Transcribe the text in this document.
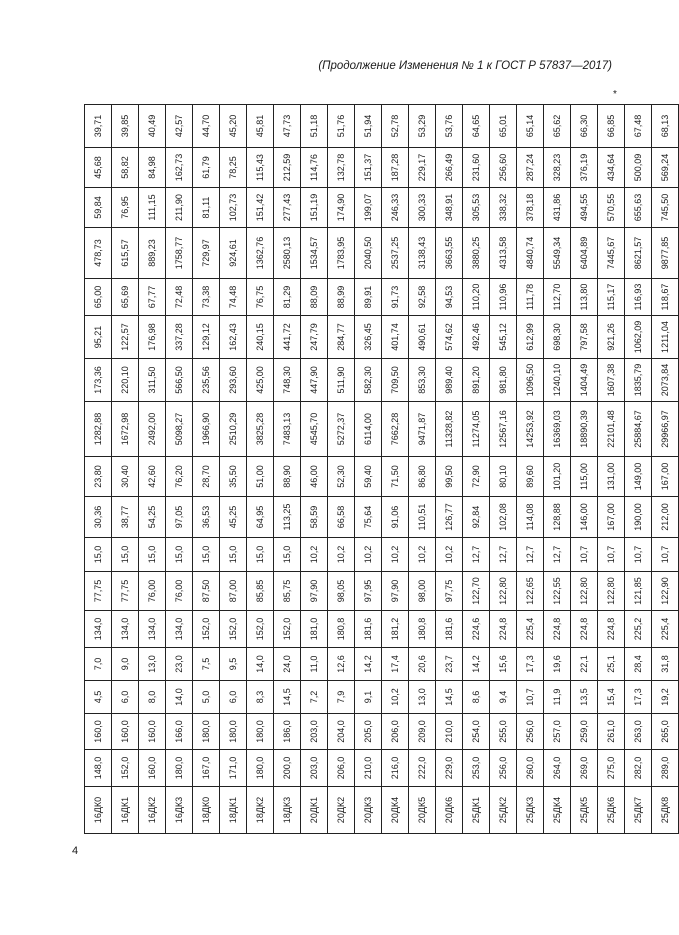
(Продолжение Изменения № 1 к ГОСТ Р 57837—2017)
*
16ДК0	148,0	160,0	4,5	7,0	134,0	77,75	15,0	30,36	23,80	1282,88	173,36	95,21	65,00	478,73	59,84	45,68	39,71
16ДК1	152,0	160,0	6,0	9,0	134,0	77,75	15,0	38,77	30,40	1672,98	220,10	122,57	65,69	615,57	76,95	58,82	39,85
16ДК2	160,0	160,0	8,0	13,0	134,0	76,00	15,0	54,25	42,60	2492,00	311,50	176,98	67,77	889,23	111,15	84,98	40,49
16ДК3	180,0	166,0	14,0	23,0	134,0	76,00	15,0	97,05	76,20	5098,27	566,50	337,28	72,48	1758,77	211,90	162,73	42,57
18ДК0	167,0	180,0	5,0	7,5	152,0	87,50	15,0	36,53	28,70	1966,90	235,56	129,12	73,38	729,97	81,11	61,79	44,70
18ДК1	171,0	180,0	6,0	9,5	152,0	87,00	15,0	45,25	35,50	2510,29	293,60	162,43	74,48	924,61	102,73	78,25	45,20
18ДК2	180,0	180,0	8,3	14,0	152,0	85,85	15,0	64,95	51,00	3825,28	425,00	240,15	76,75	1362,76	151,42	115,43	45,81
18ДК3	200,0	186,0	14,5	24,0	152,0	85,75	15,0	113,25	88,90	7483,13	748,30	441,72	81,29	2580,13	277,43	212,59	47,73
20ДК1	203,0	203,0	7,2	11,0	181,0	97,90	10,2	58,59	46,00	4545,70	447,90	247,79	88,09	1534,57	151,19	114,76	51,18
20ДК2	206,0	204,0	7,9	12,6	180,8	98,05	10,2	66,58	52,30	5272,37	511,90	284,77	88,99	1783,95	174,90	132,78	51,76
20ДК3	210,0	205,0	9,1	14,2	181,6	97,95	10,2	75,64	59,40	6114,00	582,30	326,45	89,91	2040,50	199,07	151,37	51,94
20ДК4	216,0	206,0	10,2	17,4	181,2	97,90	10,2	91,06	71,50	7662,28	709,50	401,74	91,73	2537,25	246,33	187,28	52,78
20ДК5	222,0	209,0	13,0	20,6	180,8	98,00	10,2	110,51	86,80	9471,87	853,30	490,61	92,58	3138,43	300,33	229,17	53,29
20ДК6	229,0	210,0	14,5	23,7	181,6	97,75	10,2	126,77	99,50	11328,82	989,40	574,62	94,53	3663,55	348,91	266,49	53,76
25ДК1	253,0	254,0	8,6	14,2	224,6	122,70	12,7	92,84	72,90	11274,05	891,20	492,46	110,20	3880,25	305,53	231,60	64,65
25ДК2	256,0	255,0	9,4	15,6	224,8	122,80	12,7	102,08	80,10	12567,16	981,80	545,12	110,96	4313,58	338,32	256,60	65,01
25ДК3	260,0	256,0	10,7	17,3	225,4	122,65	12,7	114,08	89,60	14253,92	1096,50	612,99	111,78	4840,74	378,18	287,24	65,14
25ДК4	264,0	257,0	11,9	19,6	224,8	122,55	12,7	128,88	101,20	16369,03	1240,10	698,30	112,70	5549,34	431,86	328,23	65,62
25ДК5	269,0	259,0	13,5	22,1	224,8	122,80	10,7	146,00	115,00	18890,39	1404,49	797,58	113,80	6404,89	494,55	376,19	66,30
25ДК6	275,0	261,0	15,4	25,1	224,8	122,80	10,7	167,00	131,00	22101,48	1607,38	921,26	115,17	7445,67	570,55	434,64	66,85
25ДК7	282,0	263,0	17,3	28,4	225,2	121,85	10,7	190,00	149,00	25884,67	1835,79	1062,09	116,93	8621,57	655,63	500,09	67,48
25ДК8	289,0	265,0	19,2	31,8	225,4	122,90	10,7	212,00	167,00	29966,97	2073,84	1211,04	118,67	9877,85	745,50	569,24	68,13
4
